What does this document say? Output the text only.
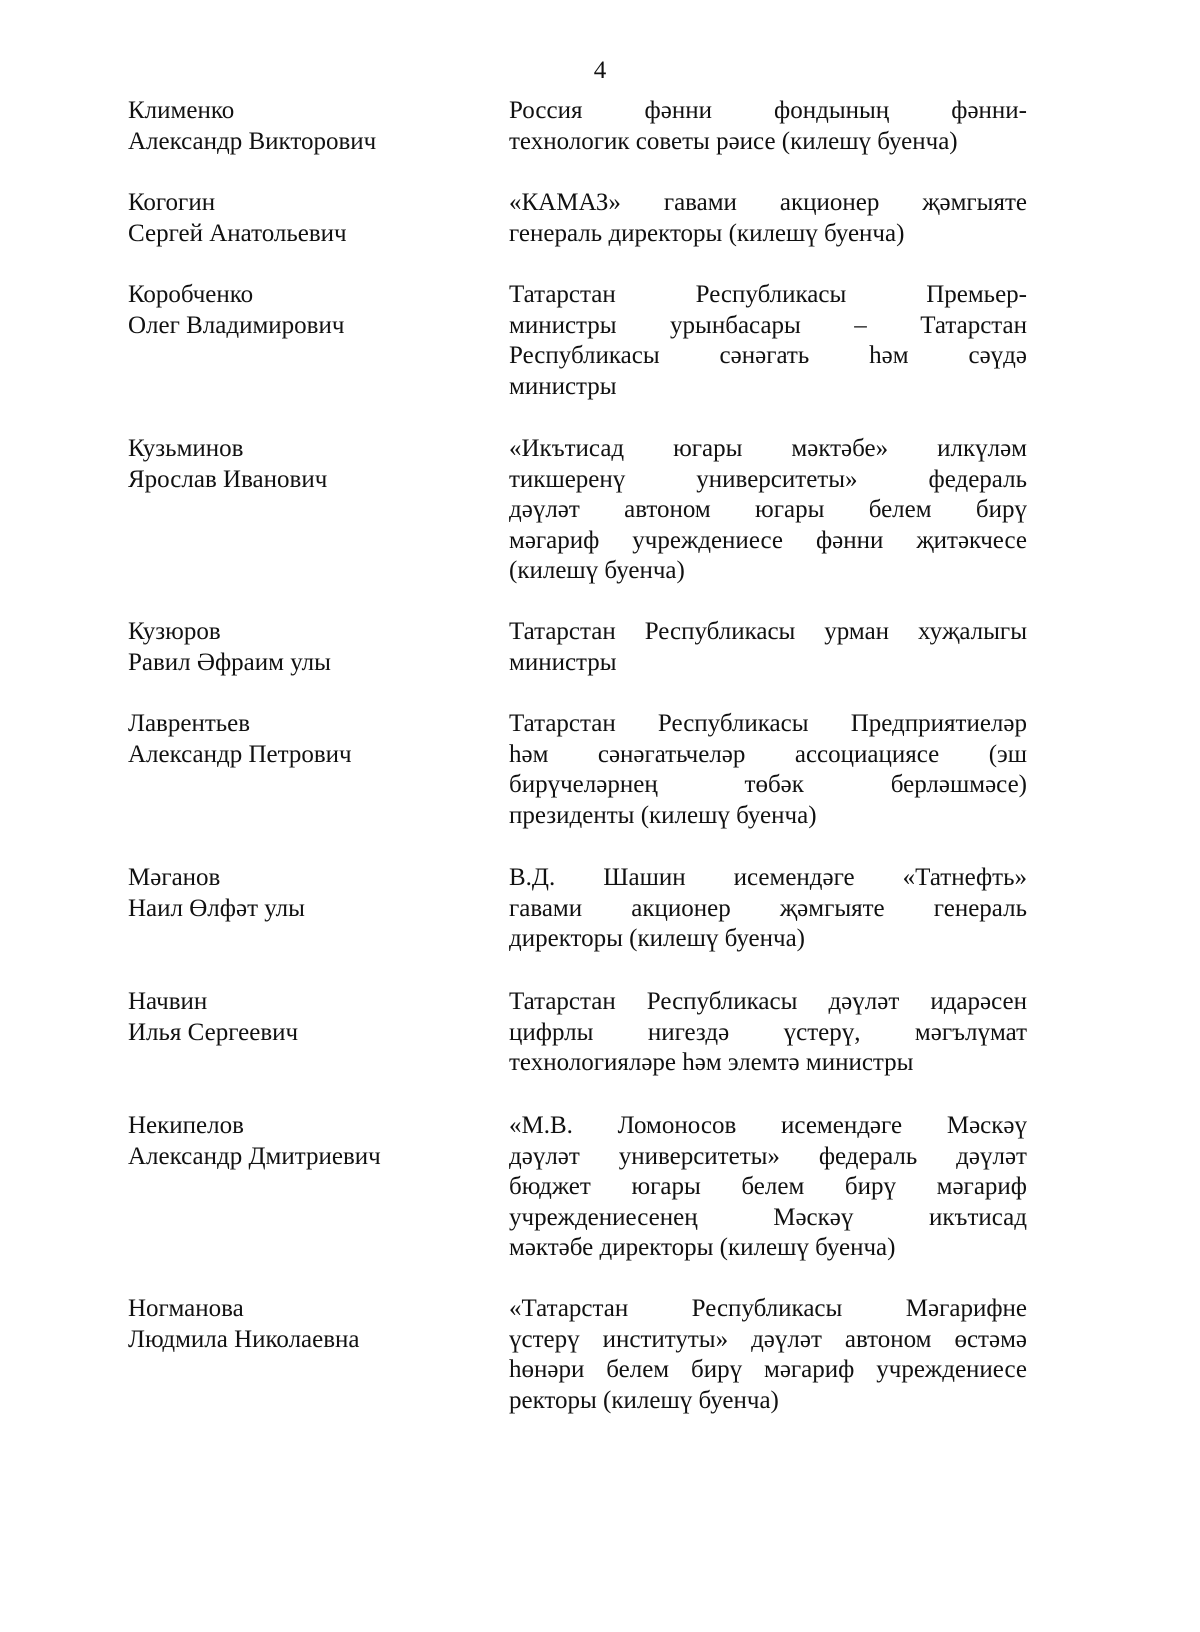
4
Клименко
Александр Викторович
Россия фәнни фондының фәнни-
технологик советы рәисе (килешү буенча)
Когогин
Сергей Анатольевич
«КАМАЗ» гавами акционер җәмгыяте
генераль директоры (килешү буенча)
Коробченко
Олег Владимирович
Татарстан Республикасы Премьер-
министры урынбасары – Татарстан
Республикасы сәнәгать һәм сәүдә
министры
Кузьминов
Ярослав Иванович
«Икътисад югары мәктәбе» илкүләм
тикшеренү университеты» федераль
дәүләт автоном югары белем бирү
мәгариф учреждениесе фәнни җитәкчесе
(килешү буенча)
Кузюров
Равил Әфраим улы
Татарстан Республикасы урман хуҗалыгы
министры
Лаврентьев
Александр Петрович
Татарстан Республикасы Предприятиеләр
һәм сәнәгатьчеләр ассоциациясе (эш
бирүчеләрнең төбәк берләшмәсе)
президенты (килешү буенча)
Мәганов
Наил Өлфәт улы
В.Д. Шашин исемендәге «Татнефть»
гавами акционер җәмгыяте генераль
директоры (килешү буенча)
Начвин
Илья Сергеевич
Татарстан Республикасы дәүләт идарәсен
цифрлы нигездә үстерү, мәгълүмат
технологияләре һәм элемтә министры
Некипелов
Александр Дмитриевич
«М.В. Ломоносов исемендәге Мәскәү
дәүләт университеты» федераль дәүләт
бюджет югары белем бирү мәгариф
учреждениесенең Мәскәү икътисад
мәктәбе директоры (килешү буенча)
Ногманова
Людмила Николаевна
«Татарстан Республикасы Мәгарифне
үстерү институты» дәүләт автоном өстәмә
һөнәри белем бирү мәгариф учреждениесе
ректоры (килешү буенча)
